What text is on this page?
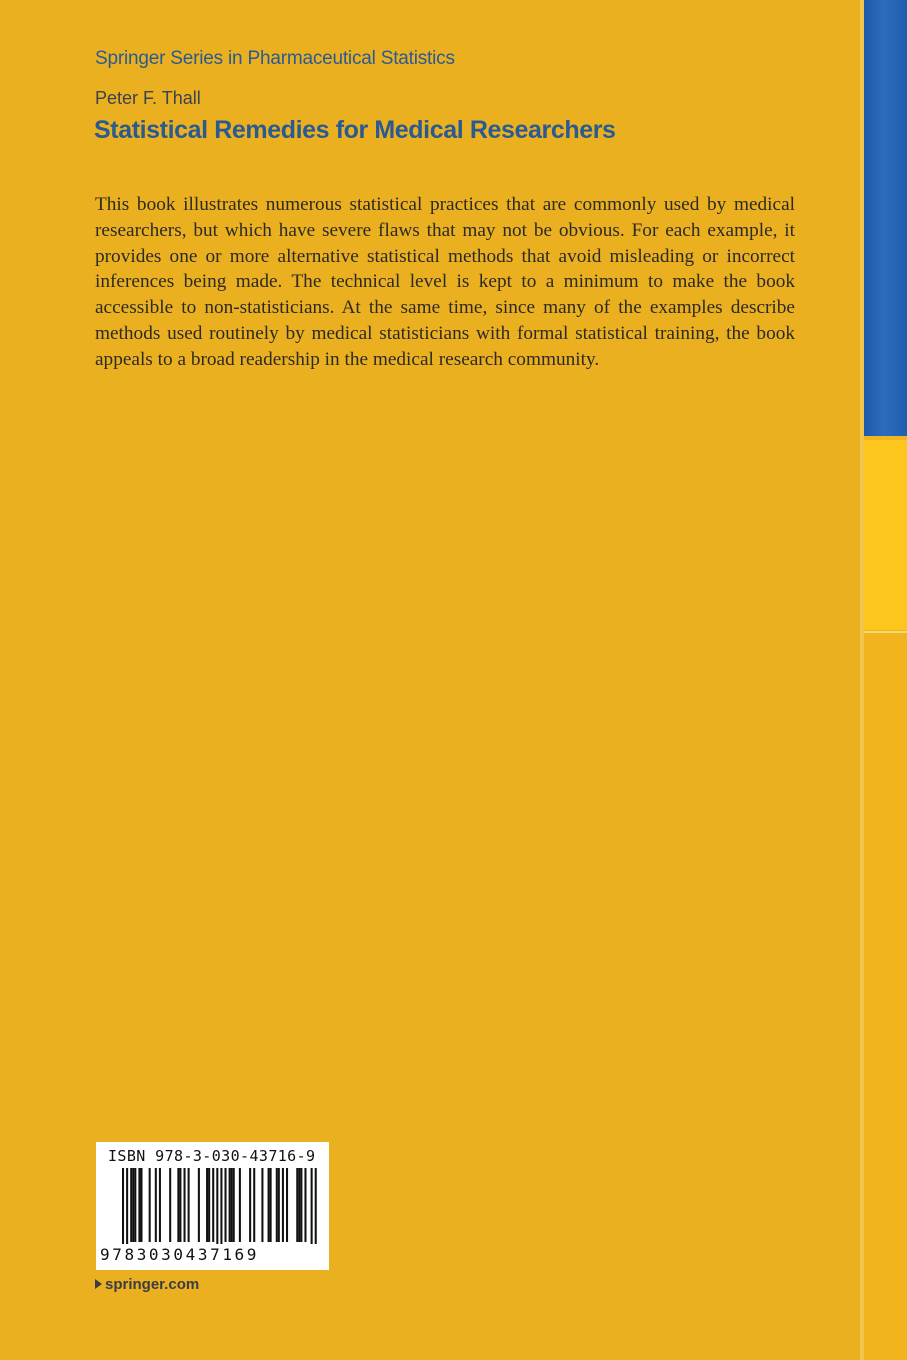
Springer Series in Pharmaceutical Statistics
Peter F. Thall
Statistical Remedies for Medical Researchers
This book illustrates numerous statistical practices that are commonly used by medical researchers, but which have severe flaws that may not be obvious. For each example, it provides one or more alternative statistical methods that avoid misleading or incorrect inferences being made. The technical level is kept to a minimum to make the book accessible to non-statisticians. At the same time, since many of the examples describe methods used routinely by medical statisticians with formal statistical training, the book appeals to a broad readership in the medical research community.
ISBN 978-3-030-43716-9
9783030437169
springer.com
